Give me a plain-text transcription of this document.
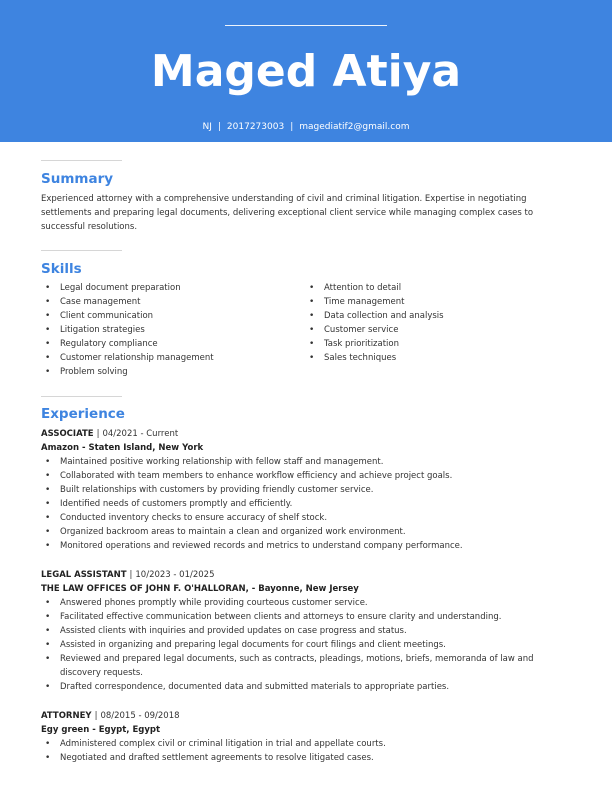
Maged Atiya
NJ | 2017273003 | magediatif2@gmail.com
Summary

Experienced attorney with a comprehensive understanding of civil and criminal litigation. Expertise in negotiating settlements and preparing legal documents, delivering exceptional client service while managing complex cases to successful resolutions.

Skills
• Legal document preparation
• Case management
• Client communication
• Litigation strategies
• Regulatory compliance
• Customer relationship management
• Problem solving
• Attention to detail
• Time management
• Data collection and analysis
• Customer service
• Task prioritization
• Sales techniques
Experience
ASSOCIATE | 04/2021 - Current
Amazon - Staten Island, New York
• Maintained positive working relationship with fellow staff and management.
• Collaborated with team members to enhance workflow efficiency and achieve project goals.
• Built relationships with customers by providing friendly customer service.
• Identified needs of customers promptly and efficiently.
• Conducted inventory checks to ensure accuracy of shelf stock.
• Organized backroom areas to maintain a clean and organized work environment.
• Monitored operations and reviewed records and metrics to understand company performance.
LEGAL ASSISTANT | 10/2023 - 01/2025
THE LAW OFFICES OF JOHN F. O'HALLORAN, - Bayonne, New Jersey
• Answered phones promptly while providing courteous customer service.
• Facilitated effective communication between clients and attorneys to ensure clarity and understanding.
• Assisted clients with inquiries and provided updates on case progress and status.
• Assisted in organizing and preparing legal documents for court filings and client meetings.
• Reviewed and prepared legal documents, such as contracts, pleadings, motions, briefs, memoranda of law and discovery requests.
• Drafted correspondence, documented data and submitted materials to appropriate parties.
ATTORNEY | 08/2015 - 09/2018
Egy green - Egypt, Egypt
• Administered complex civil or criminal litigation in trial and appellate courts.
• Negotiated and drafted settlement agreements to resolve litigated cases.
